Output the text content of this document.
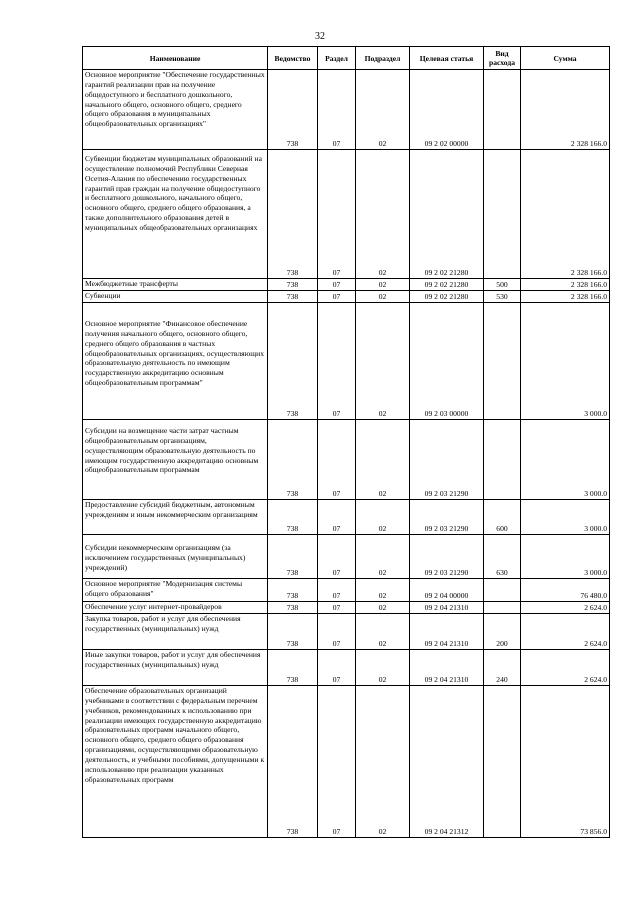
32
Наименование	Ведомство	Раздел	Подраздел	Целевая статья	Вид расхода	Сумма
Основное мероприятие "Обеспечение государственных гарантий реализации прав на получение общедоступного и бесплатного дошкольного, начального общего, основного общего, среднего общего образования в муниципальных общеобразовательных организациях"	738	07	02	09 2 02 00000		2 328 166.0
Субвенции бюджетам муниципальных образований на осуществление полномочий Республики Северная Осетия-Алания по обеспечению государственных гарантий прав граждан на получение общедоступного и бесплатного дошкольного, начального общего, основного общего, среднего общего образования, а также дополнительного образования детей в муниципальных общеобразовательных организациях	738	07	02	09 2 02 21280		2 328 166.0
Межбюджетные трансферты	738	07	02	09 2 02 21280	500	2 328 166.0
Субвенции	738	07	02	09 2 02 21280	530	2 328 166.0
Основное мероприятие "Финансовое обеспечение получения начального общего, основного общего, среднего общего образования в частных общеобразовательных организациях, осуществляющих образовательную деятельность по имеющим государственную аккредитацию основным общеобразовательным программам"	738	07	02	09 2 03 00000		3 000.0
Субсидии на возмещение части затрат частным общеобразовательным организациям, осуществляющим образовательную деятельность по имеющим государственную аккредитацию основным общеобразовательным программам	738	07	02	09 2 03 21290		3 000.0
Предоставление субсидий бюджетным, автономным учреждениям и иным некоммерческим организациям	738	07	02	09 2 03 21290	600	3 000.0
Субсидии некоммерческим организациям (за исключением государственных (муниципальных) учреждений)	738	07	02	09 2 03 21290	630	3 000.0
Основное мероприятие "Модернизация системы общего образования"	738	07	02	09 2 04 00000		76 480.0
Обеспечение услуг интернет-провайдеров	738	07	02	09 2 04 21310		2 624.0
Закупка товаров, работ и услуг для обеспечения государственных (муниципальных) нужд	738	07	02	09 2 04 21310	200	2 624.0
Иные закупки товаров, работ и услуг для обеспечения государственных (муниципальных) нужд	738	07	02	09 2 04 21310	240	2 624.0
Обеспечение образовательных организаций учебниками в соответствии с федеральным перечнем учебников, рекомендованных к использованию при реализации имеющих государственную аккредитацию образовательных программ начального общего, основного общего, среднего общего образования организациями, осуществляющими образовательную деятельность, и учебными пособиями, допущенными к использованию при реализации указанных образовательных программ	738	07	02	09 2 04 21312		73 856.0
